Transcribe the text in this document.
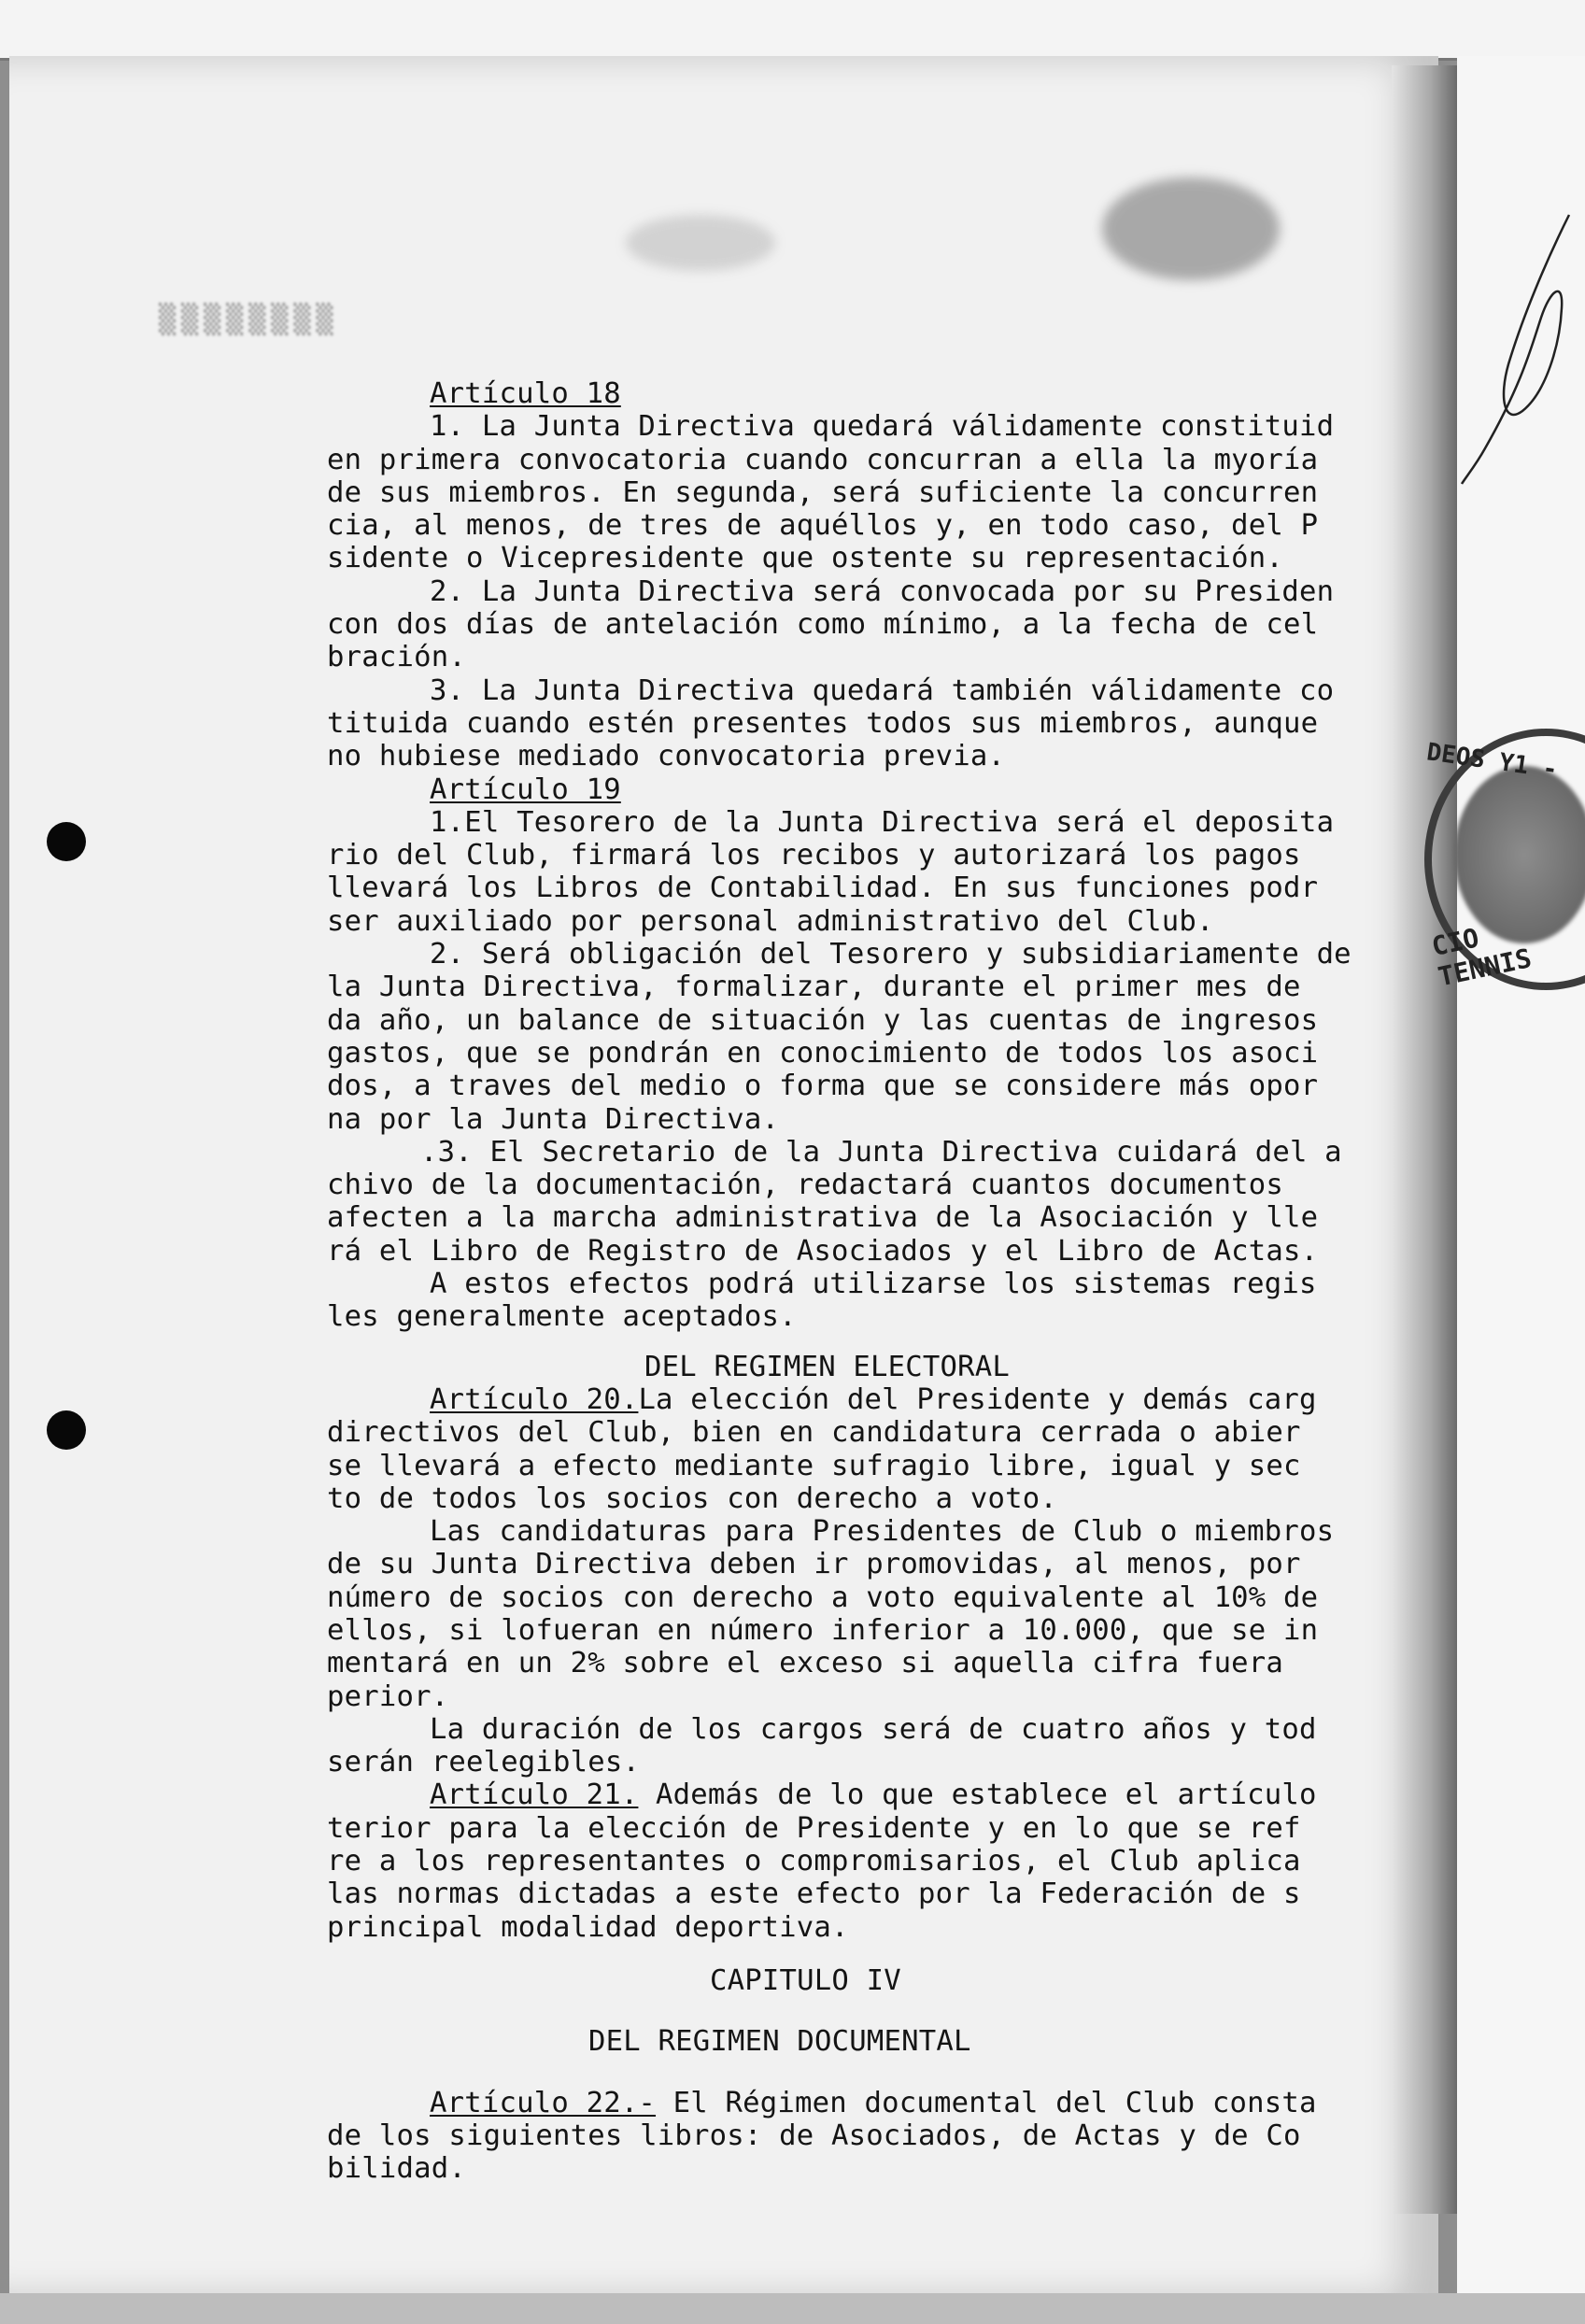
▒▒▒▒▒▒▒▒
DEOS Y1 -
CIO TENNIS
Artículo 18
1. La Junta Directiva quedará válidamente constituid
en primera convocatoria cuando concurran a ella la myoría
de sus miembros. En segunda, será suficiente la concurren
cia, al menos, de tres de aquéllos y, en todo caso, del P
sidente o Vicepresidente que ostente su representación.
2. La Junta Directiva será convocada por su Presiden
con dos días de antelación como mínimo, a la fecha de cel
bración.
3. La Junta Directiva quedará también válidamente co
tituida cuando estén presentes todos sus miembros, aunque
no hubiese mediado convocatoria previa.
Artículo 19
1.El Tesorero de la Junta Directiva será el deposita
rio del Club, firmará los recibos y autorizará los pagos
llevará los Libros de Contabilidad. En sus funciones podr
ser auxiliado por personal administrativo del Club.
2. Será obligación del Tesorero y subsidiariamente de
la Junta Directiva, formalizar, durante el primer mes de
da año, un balance de situación y las cuentas de ingresos
gastos, que se pondrán en conocimiento de todos los asoci
dos, a traves del medio o forma que se considere más opor
na por la Junta Directiva.
.3. El Secretario de la Junta Directiva cuidará del a
chivo de la documentación, redactará cuantos documentos
afecten a la marcha administrativa de la Asociación y lle
rá el Libro de Registro de Asociados y el Libro de Actas.
A estos efectos podrá utilizarse los sistemas regis
les generalmente aceptados.
DEL REGIMEN ELECTORAL
Artículo 20.La elección del Presidente y demás carg
directivos del Club, bien en candidatura cerrada o abier
se llevará a efecto mediante sufragio libre, igual y sec
to de todos los socios con derecho a voto.
Las candidaturas para Presidentes de Club o miembros
de su Junta Directiva deben ir promovidas, al menos, por
número de socios con derecho a voto equivalente al 10% de
ellos, si lofueran en número inferior a 10.000, que se in
mentará en un 2% sobre el exceso si aquella cifra fuera
perior.
La duración de los cargos será de cuatro años y tod
serán reelegibles.
Artículo 21. Además de lo que establece el artículo
terior para la elección de Presidente y en lo que se ref
re a los representantes o compromisarios, el Club aplica
las normas dictadas a este efecto por la Federación de s
principal modalidad deportiva.
CAPITULO IV
DEL REGIMEN DOCUMENTAL
Artículo 22.- El Régimen documental del Club consta
de los siguientes libros: de Asociados, de Actas y de Co
bilidad.
